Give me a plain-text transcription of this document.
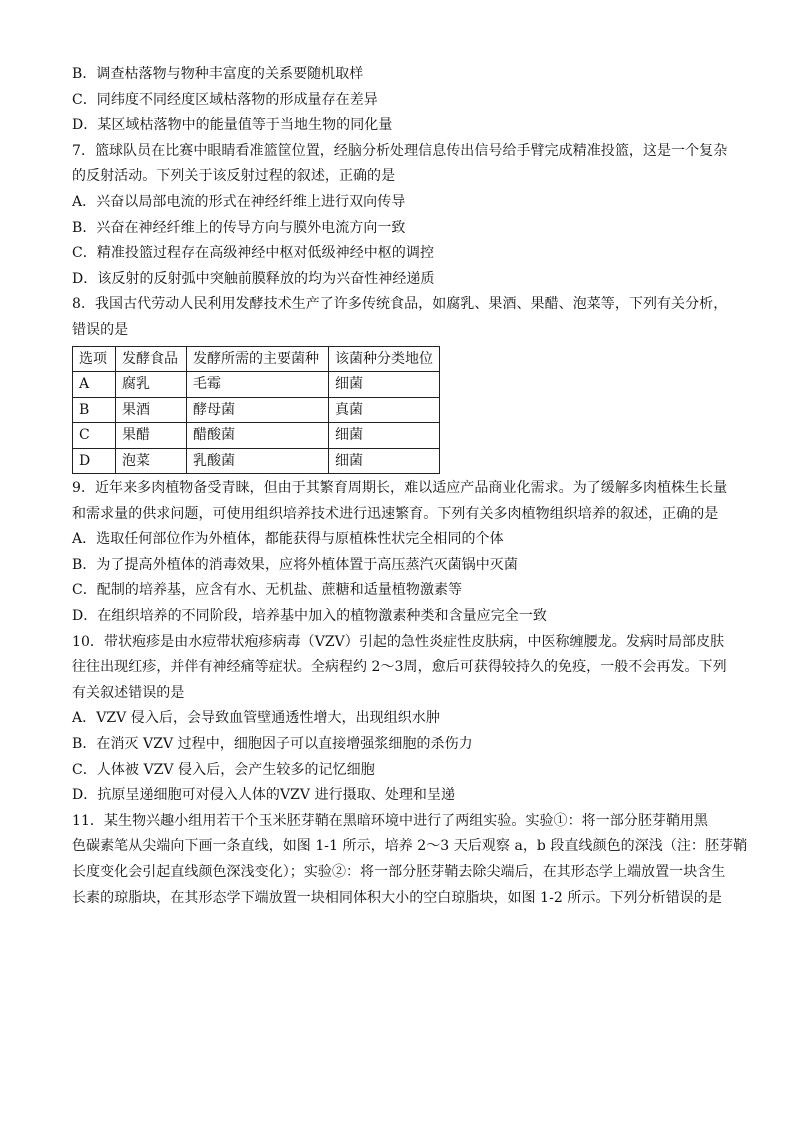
B．调查枯落物与物种丰富度的关系要随机取样
C．同纬度不同经度区域枯落物的形成量存在差异
D．某区域枯落物中的能量值等于当地生物的同化量
7．篮球队员在比赛中眼睛看准篮筐位置，经脑分析处理信息传出信号给手臂完成精准投篮，这是一个复杂
的反射活动。下列关于该反射过程的叙述，正确的是
A．兴奋以局部电流的形式在神经纤维上进行双向传导
B．兴奋在神经纤维上的传导方向与膜外电流方向一致
C．精准投篮过程存在高级神经中枢对低级神经中枢的调控
D．该反射的反射弧中突触前膜释放的均为兴奋性神经递质
8．我国古代劳动人民利用发酵技术生产了许多传统食品，如腐乳、果酒、果醋、泡菜等，下列有关分析，
错误的是
选项	发酵食品	发酵所需的主要菌种	该菌种分类地位
A	腐乳	毛霉	细菌
B	果酒	酵母菌	真菌
C	果醋	醋酸菌	细菌
D	泡菜	乳酸菌	细菌
9．近年来多肉植物备受青睐，但由于其繁育周期长，难以适应产品商业化需求。为了缓解多肉植株生长量
和需求量的供求问题，可使用组织培养技术进行迅速繁育。下列有关多肉植物组织培养的叙述，正确的是
A．选取任何部位作为外植体，都能获得与原植株性状完全相同的个体
B．为了提高外植体的消毒效果，应将外植体置于高压蒸汽灭菌锅中灭菌
C．配制的培养基，应含有水、无机盐、蔗糖和适量植物激素等
D．在组织培养的不同阶段，培养基中加入的植物激素种类和含量应完全一致
10．带状疱疹是由水痘带状疱疹病毒（VZV）引起的急性炎症性皮肤病，中医称缠腰龙。发病时局部皮肤
往往出现红疹，并伴有神经痛等症状。全病程约 2～3周，愈后可获得较持久的免疫，一般不会再发。下列
有关叙述错误的是
A．VZV 侵入后，会导致血管壁通透性增大，出现组织水肿
B．在消灭 VZV 过程中，细胞因子可以直接增强浆细胞的杀伤力
C．人体被 VZV 侵入后，会产生较多的记忆细胞
D．抗原呈递细胞可对侵入人体的VZV 进行摄取、处理和呈递
11．某生物兴趣小组用若干个玉米胚芽鞘在黑暗环境中进行了两组实验。实验①：将一部分胚芽鞘用黑
色碳素笔从尖端向下画一条直线，如图 1-1 所示，培养 2～3 天后观察 a，b 段直线颜色的深浅（注：胚芽鞘
长度变化会引起直线颜色深浅变化）；实验②：将一部分胚芽鞘去除尖端后，在其形态学上端放置一块含生
长素的琼脂块，在其形态学下端放置一块相同体积大小的空白琼脂块，如图 1-2 所示。下列分析错误的是
